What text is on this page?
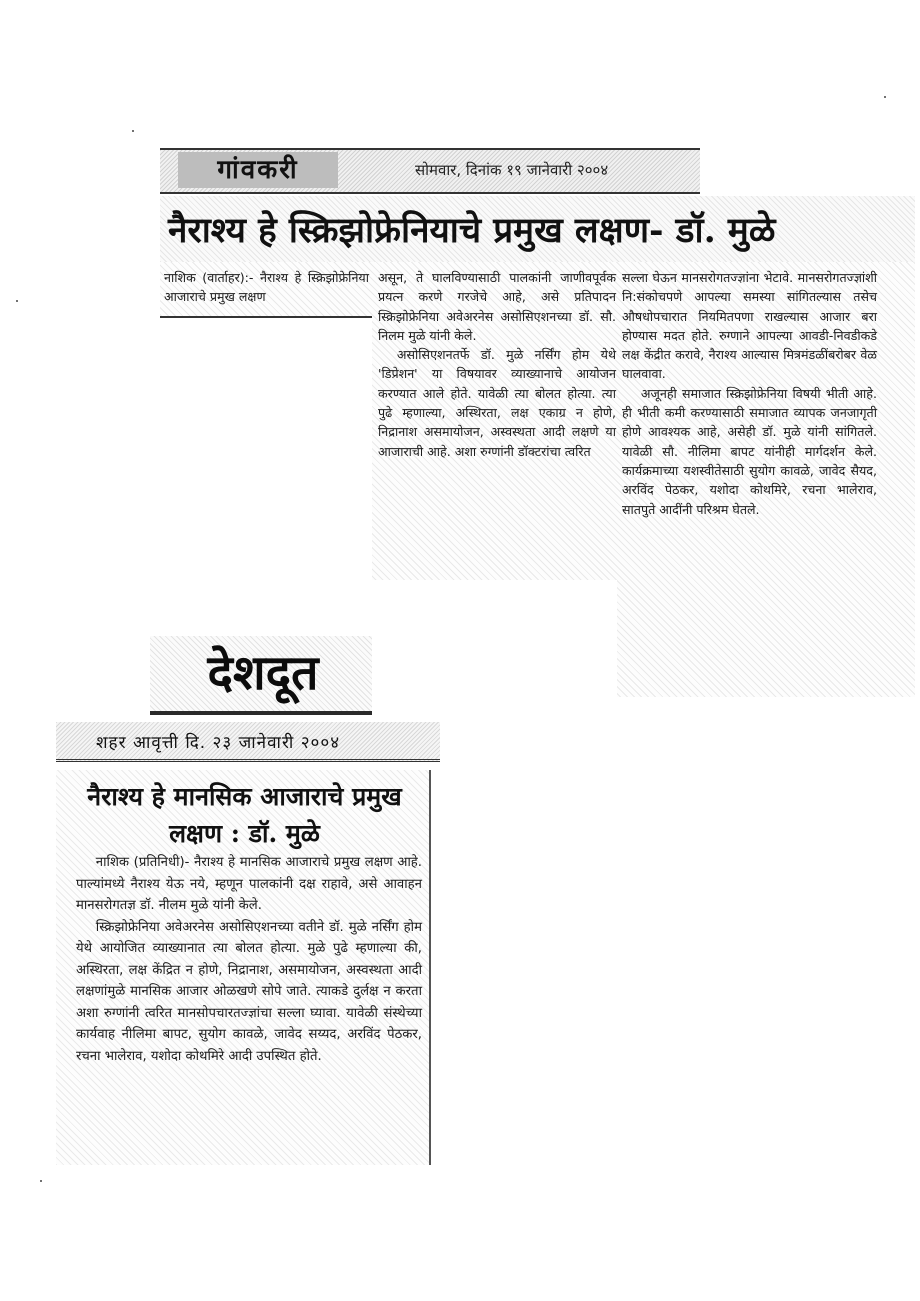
गांवकरी	सोमवार, दिनांक १९ जानेवारी २००४
नैराश्य हे स्क्रिझोफ्रेनियाचे प्रमुख लक्षण- डॉ. मुळे

नाशिक (वार्ताहर):- नैराश्य हे स्क्रिझोफ्रेनिया आजाराचे प्रमुख लक्षण

असून, ते घालविण्यासाठी पालकांनी जाणीवपूर्वक प्रयत्न करणे गरजेचे आहे, असे प्रतिपादन स्क्रिझोफ्रेनिया अवेअरनेस असोसिएशनच्या डॉ. सौ. निलम मुळे यांनी केले.

असोसिएशनतर्फे डॉ. मुळे नर्सिंग होम येथे 'डिप्रेशन' या विषयावर व्याख्यानाचे आयोजन करण्यात आले होते. यावेळी त्या बोलत होत्या. त्या पुढे म्हणाल्या, अस्थिरता, लक्ष एकाग्र न होणे, निद्रानाश असमायोजन, अस्वस्थता आदी लक्षणे या आजाराची आहे. अशा रुग्णांनी डॉक्टरांचा त्वरित

सल्ला घेऊन मानसरोगतज्ज्ञांना भेटावे. मानसरोगतज्ज्ञांशी नि:संकोचपणे आपल्या समस्या सांगितल्यास तसेच औषधोपचारात नियमितपणा राखल्यास आजार बरा होण्यास मदत होते. रुग्णाने आपल्या आवडी-निवडीकडे लक्ष केंद्रीत करावे, नैराश्य आल्यास मित्रमंडळींबरोबर वेळ घालवावा.

अजूनही समाजात स्क्रिझोफ्रेनिया विषयी भीती आहे. ही भीती कमी करण्यासाठी समाजात व्यापक जनजागृती होणे आवश्यक आहे, असेही डॉ. मुळे यांनी सांगितले. यावेळी सौ. नीलिमा बापट यांनीही मार्गदर्शन केले. कार्यक्रमाच्या यशस्वीतेसाठी सुयोग कावळे, जावेद सैयद, अरविंद पेठकर, यशोदा कोथमिरे, रचना भालेराव, सातपुते आदींनी परिश्रम घेतले.

देशदूत
शहर आवृत्ती दि. २३ जानेवारी २००४
नैराश्य हे मानसिक आजाराचे प्रमुख लक्षण : डॉ. मुळे

नाशिक (प्रतिनिधी)- नैराश्य हे मानसिक आजाराचे प्रमुख लक्षण आहे. पाल्यांमध्ये नैराश्य येऊ नये, म्हणून पालकांनी दक्ष राहावे, असे आवाहन मानसरोगतज्ञ डॉ. नीलम मुळे यांनी केले.

स्क्रिझोफ्रेनिया अवेअरनेस असोसिएशनच्या वतीने डॉ. मुळे नर्सिंग होम येथे आयोजित व्याख्यानात त्या बोलत होत्या. मुळे पुढे म्हणाल्या की, अस्थिरता, लक्ष केंद्रित न होणे, निद्रानाश, असमायोजन, अस्वस्थता आदी लक्षणांमुळे मानसिक आजार ओळखणे सोपे जाते. त्याकडे दुर्लक्ष न करता अशा रुग्णांनी त्वरित मानसोपचारतज्ज्ञांचा सल्ला घ्यावा. यावेळी संस्थेच्या कार्यवाह नीलिमा बापट, सुयोग कावळे, जावेद सय्यद, अरविंद पेठकर, रचना भालेराव, यशोदा कोथमिरे आदी उपस्थित होते.
